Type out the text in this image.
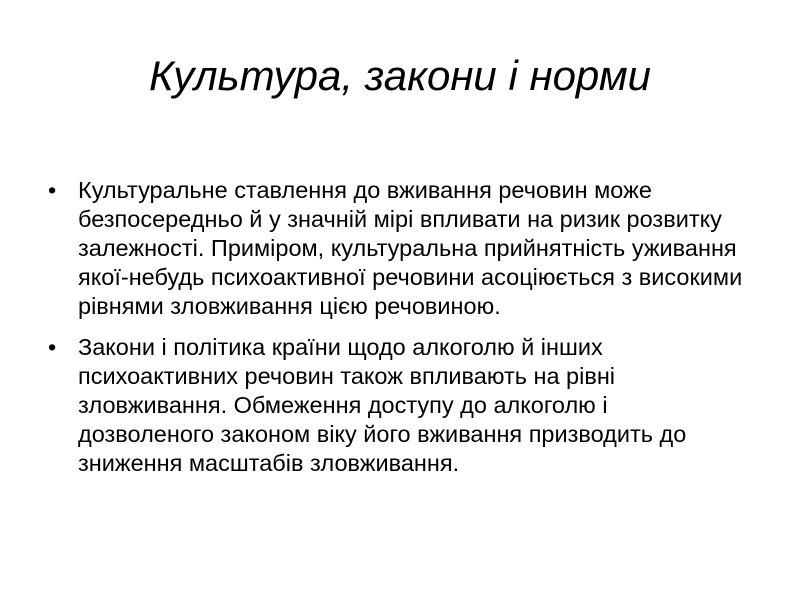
Культура, закони і норми
• Культуральне ставлення до вживання речовин може безпосередньо й у значній мірі впливати на ризик розвитку залежності. Приміром, культуральна прийнятність уживання якої-небудь психоактивної речовини асоціюється з високими рівнями зловживання цією речовиною.
• Закони і політика країни щодо алкоголю й інших психоактивних речовин також впливають на рівні зловживання. Обмеження доступу до алкоголю і дозволеного законом віку його вживання призводить до зниження масштабів зловживання.
